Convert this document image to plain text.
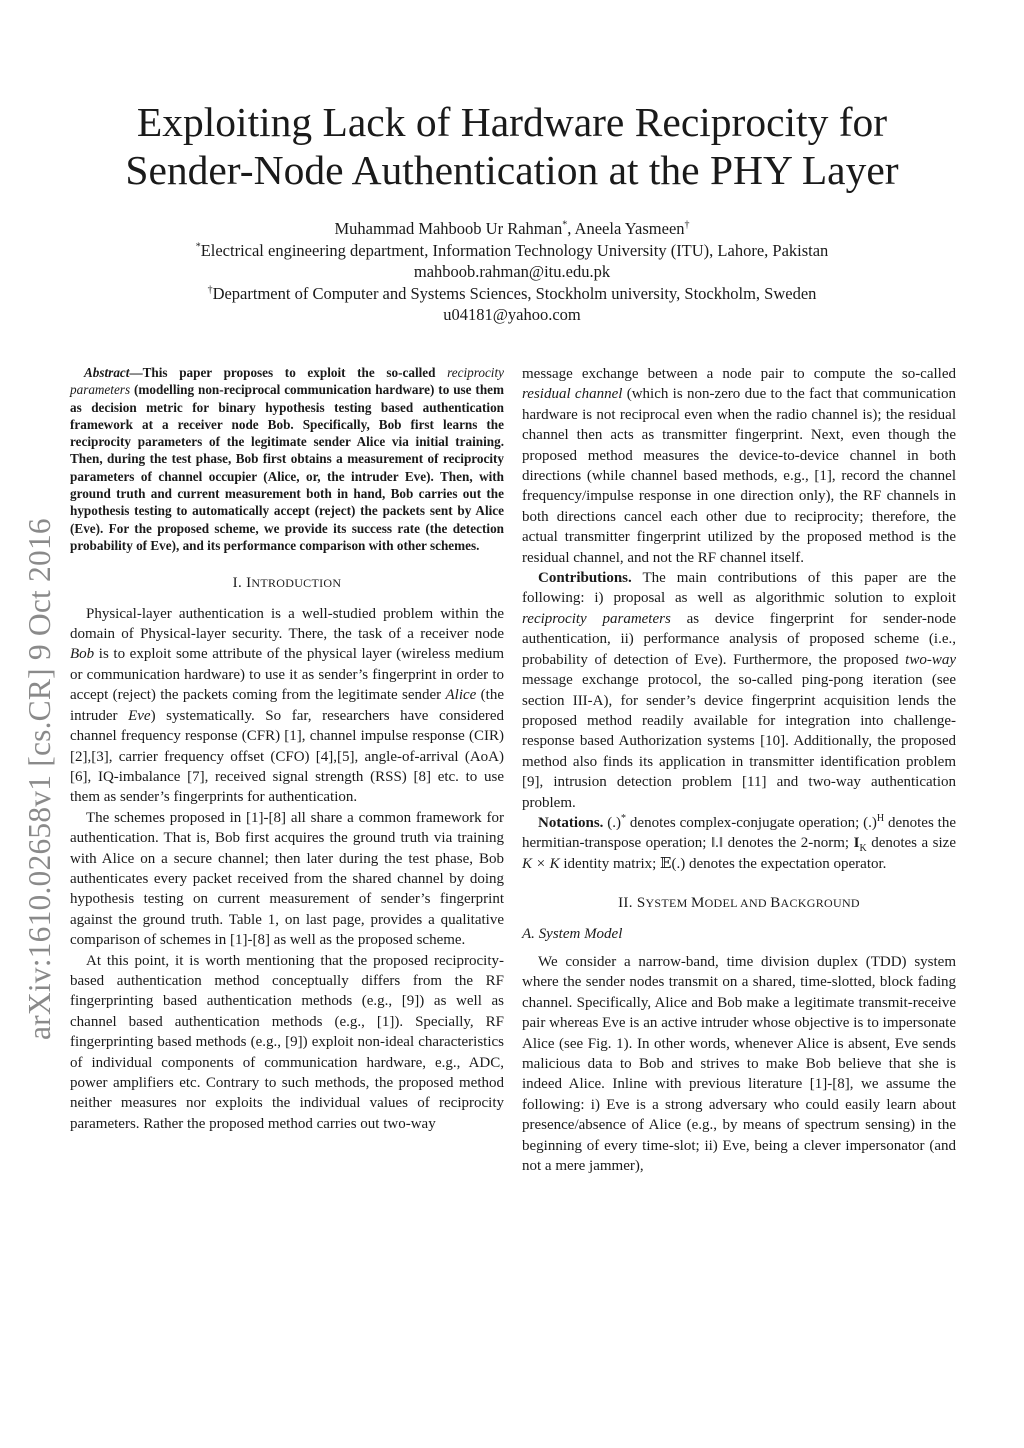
arXiv:1610.02658v1 [cs.CR] 9 Oct 2016
Exploiting Lack of Hardware Reciprocity for
Sender-Node Authentication at the PHY Layer
Muhammad Mahboob Ur Rahman*, Aneela Yasmeen†
*Electrical engineering department, Information Technology University (ITU), Lahore, Pakistan
mahboob.rahman@itu.edu.pk
†Department of Computer and Systems Sciences, Stockholm university, Stockholm, Sweden
u04181@yahoo.com

Abstract—This paper proposes to exploit the so-called reciprocity parameters (modelling non-reciprocal communication hardware) to use them as decision metric for binary hypothesis testing based authentication framework at a receiver node Bob. Specifically, Bob first learns the reciprocity parameters of the legitimate sender Alice via initial training. Then, during the test phase, Bob first obtains a measurement of reciprocity parameters of channel occupier (Alice, or, the intruder Eve). Then, with ground truth and current measurement both in hand, Bob carries out the hypothesis testing to automatically accept (reject) the packets sent by Alice (Eve). For the proposed scheme, we provide its success rate (the detection probability of Eve), and its performance comparison with other schemes.

I. INTRODUCTION

Physical-layer authentication is a well-studied problem within the domain of Physical-layer security. There, the task of a receiver node Bob is to exploit some attribute of the physical layer (wireless medium or communication hardware) to use it as sender’s fingerprint in order to accept (reject) the packets coming from the legitimate sender Alice (the intruder Eve) systematically. So far, researchers have considered channel frequency response (CFR) [1], channel impulse response (CIR) [2],[3], carrier frequency offset (CFO) [4],[5], angle-of-arrival (AoA) [6], IQ-imbalance [7], received signal strength (RSS) [8] etc. to use them as sender’s fingerprints for authentication.

The schemes proposed in [1]-[8] all share a common framework for authentication. That is, Bob first acquires the ground truth via training with Alice on a secure channel; then later during the test phase, Bob authenticates every packet received from the shared channel by doing hypothesis testing on current measurement of sender’s fingerprint against the ground truth. Table 1, on last page, provides a qualitative comparison of schemes in [1]-[8] as well as the proposed scheme.

At this point, it is worth mentioning that the proposed reciprocity-based authentication method conceptually differs from the RF fingerprinting based authentication methods (e.g., [9]) as well as channel based authentication methods (e.g., [1]). Specially, RF fingerprinting based methods (e.g., [9]) exploit non-ideal characteristics of individual components of communication hardware, e.g., ADC, power amplifiers etc. Contrary to such methods, the proposed method neither measures nor exploits the individual values of reciprocity parameters. Rather the proposed method carries out two-way

message exchange between a node pair to compute the so-called residual channel (which is non-zero due to the fact that communication hardware is not reciprocal even when the radio channel is); the residual channel then acts as transmitter fingerprint. Next, even though the proposed method measures the device-to-device channel in both directions (while channel based methods, e.g., [1], record the channel frequency/impulse response in one direction only), the RF channels in both directions cancel each other due to reciprocity; therefore, the actual transmitter fingerprint utilized by the proposed method is the residual channel, and not the RF channel itself.

Contributions. The main contributions of this paper are the following: i) proposal as well as algorithmic solution to exploit reciprocity parameters as device fingerprint for sender-node authentication, ii) performance analysis of proposed scheme (i.e., probability of detection of Eve). Furthermore, the proposed two-way message exchange protocol, the so-called ping-pong iteration (see section III-A), for sender’s device fingerprint acquisition lends the proposed method readily available for integration into challenge-response based Authorization systems [10]. Additionally, the proposed method also finds its application in transmitter identification problem [9], intrusion detection problem [11] and two-way authentication problem.

Notations. (.)* denotes complex-conjugate operation; (.)$^H$ denotes the hermitian-transpose operation; ‖.‖ denotes the 2-norm; $I_K$ denotes a size K × K identity matrix; 𝔼(.) denotes the expectation operator.

II. SYSTEM MODEL AND BACKGROUND
A. System Model

We consider a narrow-band, time division duplex (TDD) system where the sender nodes transmit on a shared, time-slotted, block fading channel. Specifically, Alice and Bob make a legitimate transmit-receive pair whereas Eve is an active intruder whose objective is to impersonate Alice (see Fig. 1). In other words, whenever Alice is absent, Eve sends malicious data to Bob and strives to make Bob believe that she is indeed Alice. Inline with previous literature [1]-[8], we assume the following: i) Eve is a strong adversary who could easily learn about presence/absence of Alice (e.g., by means of spectrum sensing) in the beginning of every time-slot; ii) Eve, being a clever impersonator (and not a mere jammer),
